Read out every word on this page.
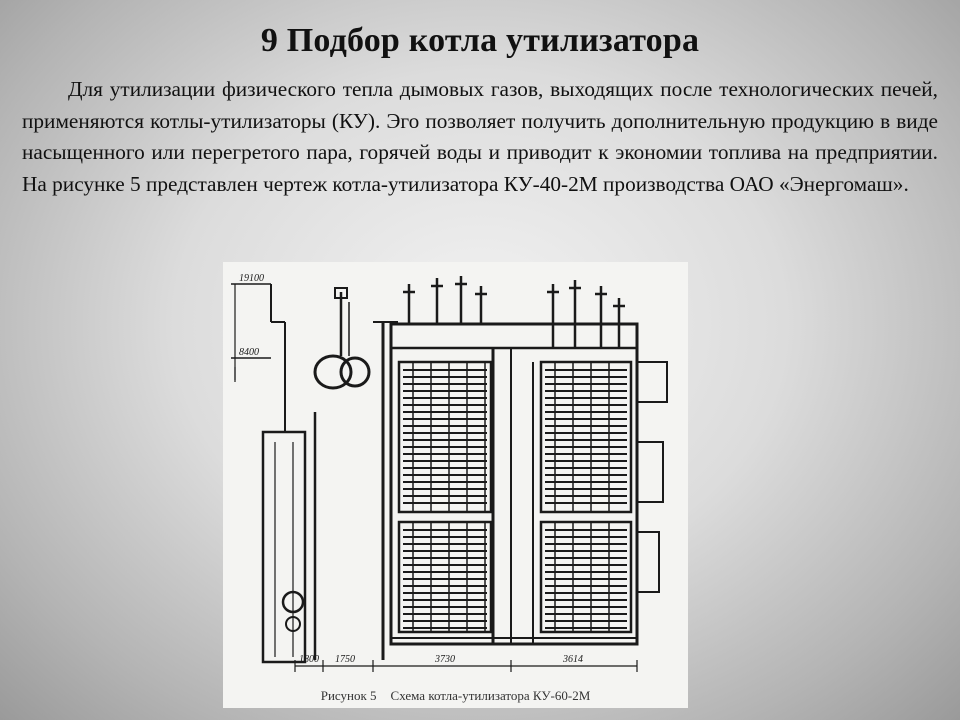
9 Подбор котла утилизатора

Для утилизации физического тепла дымовых газов, выходящих после технологических печей, применяются котлы-утилизаторы (КУ). Эго позволяет получить дополнительную продукцию в виде насыщенного или перегретого пара, горячей воды и приводит к экономии топлива на предприятии. На рисунке 5 представлен чертеж котла-утилизатора КУ-40-2М производства ОАО «Энергомаш».

19100
8400
1800 1750	3730	3614
Рисунок 5 Схема котла-утилизатора КУ-60-2М
